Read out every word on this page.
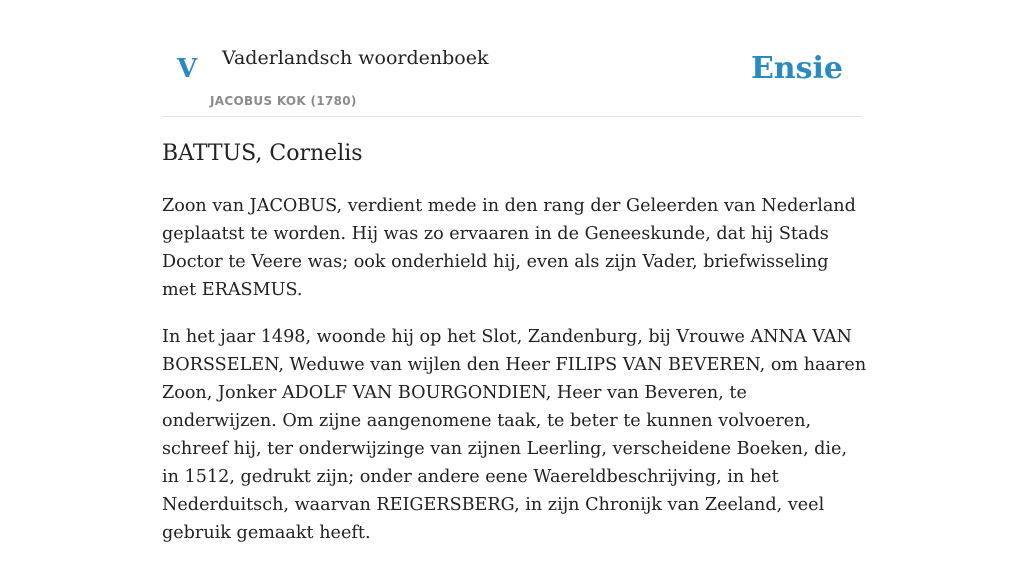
V Vaderlandsch woordenboek
JACOBUS KOK (1780)
Ensie
BATTUS, Cornelis

Zoon van JACOBUS, verdient mede in den rang der Geleerden van Nederland geplaatst te worden. Hij was zo ervaaren in de Geneeskunde, dat hij Stads Doctor te Veere was; ook onderhield hij, even als zijn Vader, briefwisseling met ERASMUS.

In het jaar 1498, woonde hij op het Slot, Zandenburg, bij Vrouwe ANNA VAN BORSSELEN, Weduwe van wijlen den Heer FILIPS VAN BEVEREN, om haaren Zoon, Jonker ADOLF VAN BOURGONDIEN, Heer van Beveren, te onderwijzen. Om zijne aangenomene taak, te beter te kunnen volvoeren, schreef hij, ter onderwijzinge van zijnen Leerling, verscheidene Boeken, die, in 1512, gedrukt zijn; onder andere eene Waereldbeschrijving, in het Nederduitsch, waarvan REIGERSBERG, in zijn Chronijk van Zeeland, veel gebruik gemaakt heeft.
